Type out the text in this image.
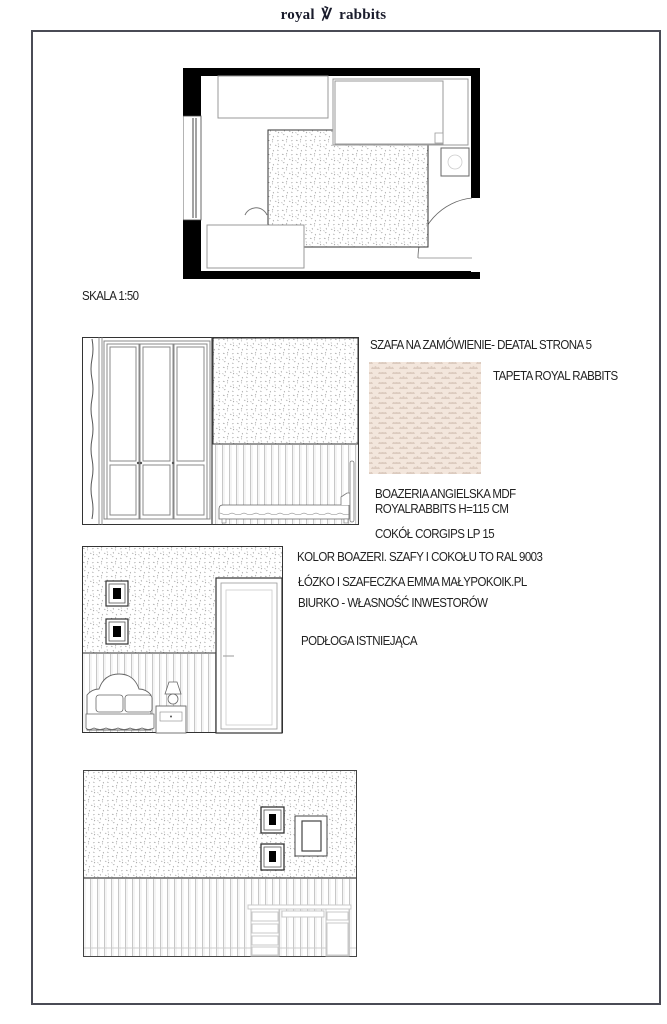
royal ℣ rabbits
SKALA 1:50
SZAFA NA ZAMÓWIENIE- DEATAL STRONA 5
TAPETA ROYAL RABBITS
BOAZERIA ANGIELSKA MDF
ROYALRABBITS H=115 CM
COKÓŁ CORGIPS LP 15
KOLOR BOAZERI. SZAFY I COKOŁU TO RAL 9003
ŁÓZKO I SZAFECZKA EMMA MAŁYPOKOIK.PL
BIURKO - WŁASNOŚĆ INWESTORÓW
PODŁOGA ISTNIEJĄCA
